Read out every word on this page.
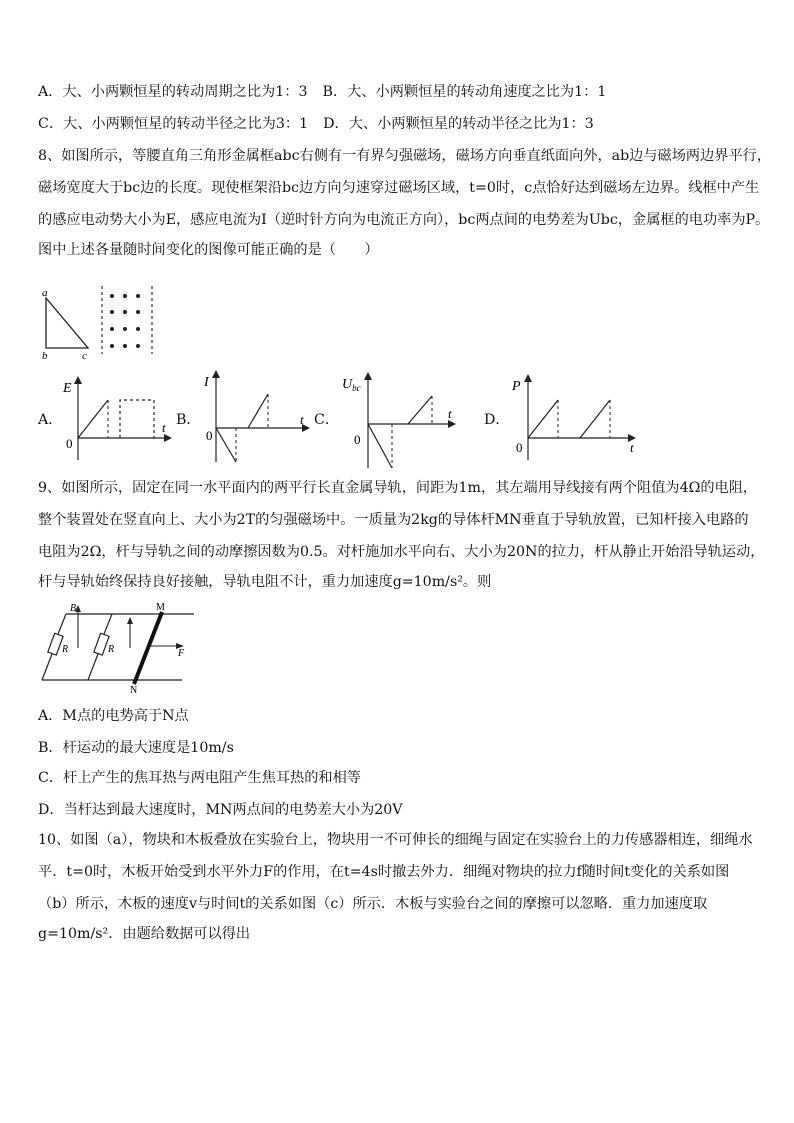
A．大、小两颗恒星的转动周期之比为1：3 B．大、小两颗恒星的转动角速度之比为1：1
C．大、小两颗恒星的转动半径之比为3：1 D．大、小两颗恒星的转动半径之比为1：3
8、如图所示，等腰直角三角形金属框abc右侧有一有界匀强磁场，磁场方向垂直纸面向外，ab边与磁场两边界平行，
磁场宽度大于bc边的长度。现使框架沿bc边方向匀速穿过磁场区域，t=0时，c点恰好达到磁场左边界。线框中产生
的感应电动势大小为E，感应电流为I（逆时针方向为电流正方向），bc两点间的电势差为Ubc，金属框的电功率为P。
图中上述各量随时间变化的图像可能正确的是（　　）
a
b	c
A．
E
t
0
B．
I
t
0
C．
$U_{bc}$
t
0
D．
P
t
0
9、如图所示，固定在同一水平面内的两平行长直金属导轨，间距为1m，其左端用导线接有两个阻值为4Ω的电阻，
整个装置处在竖直向上、大小为2T的匀强磁场中。一质量为2kg的导体杆MN垂直于导轨放置，已知杆接入电路的
电阻为2Ω，杆与导轨之间的动摩擦因数为0.5。对杆施加水平向右、大小为20N的拉力，杆从静止开始沿导轨运动，
杆与导轨始终保持良好接触，导轨电阻不计，重力加速度g=10m/s²。则
R	R
B	M
N
F
A．M点的电势高于N点
B．杆运动的最大速度是10m/s
C．杆上产生的焦耳热与两电阻产生焦耳热的和相等
D．当杆达到最大速度时，MN两点间的电势差大小为20V
10、如图（a），物块和木板叠放在实验台上，物块用一不可伸长的细绳与固定在实验台上的力传感器相连，细绳水
平．t=0时，木板开始受到水平外力F的作用，在t=4s时撤去外力．细绳对物块的拉力f随时间t变化的关系如图
（b）所示，木板的速度v与时间t的关系如图（c）所示．木板与实验台之间的摩擦可以忽略．重力加速度取
g=10m/s²．由题给数据可以得出
